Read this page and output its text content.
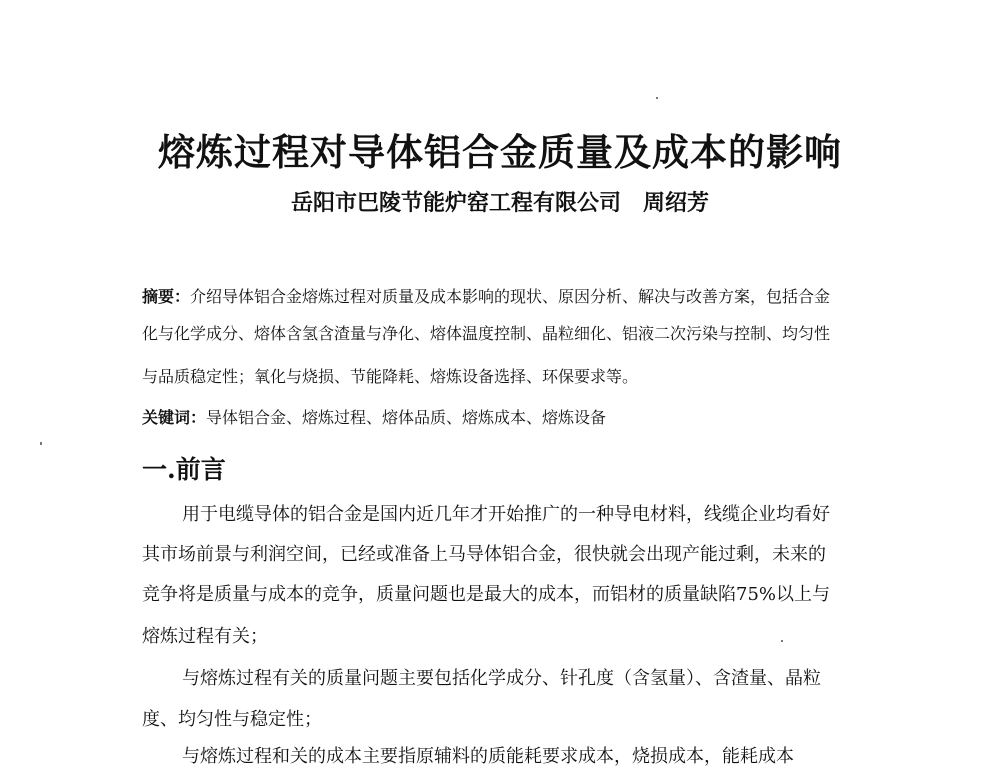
熔炼过程对导体铝合金质量及成本的影响
岳阳市巴陵节能炉窑工程有限公司 周绍芳
摘要：介绍导体铝合金熔炼过程对质量及成本影响的现状、原因分析、解决与改善方案，包括合金
化与化学成分、熔体含氢含渣量与净化、熔体温度控制、晶粒细化、铝液二次污染与控制、均匀性
与品质稳定性；氧化与烧损、节能降耗、熔炼设备选择、环保要求等。
关键词：导体铝合金、熔炼过程、熔体品质、熔炼成本、熔炼设备
一.前言
用于电缆导体的铝合金是国内近几年才开始推广的一种导电材料，线缆企业均看好
其市场前景与利润空间，已经或准备上马导体铝合金，很快就会出现产能过剩，未来的
竞争将是质量与成本的竞争，质量问题也是最大的成本，而铝材的质量缺陷75%以上与
熔炼过程有关；
与熔炼过程有关的质量问题主要包括化学成分、针孔度（含氢量）、含渣量、晶粒
度、均匀性与稳定性；
与熔炼过程和关的成本主要指原辅料的质能耗要求成本，烧损成本，能耗成本
